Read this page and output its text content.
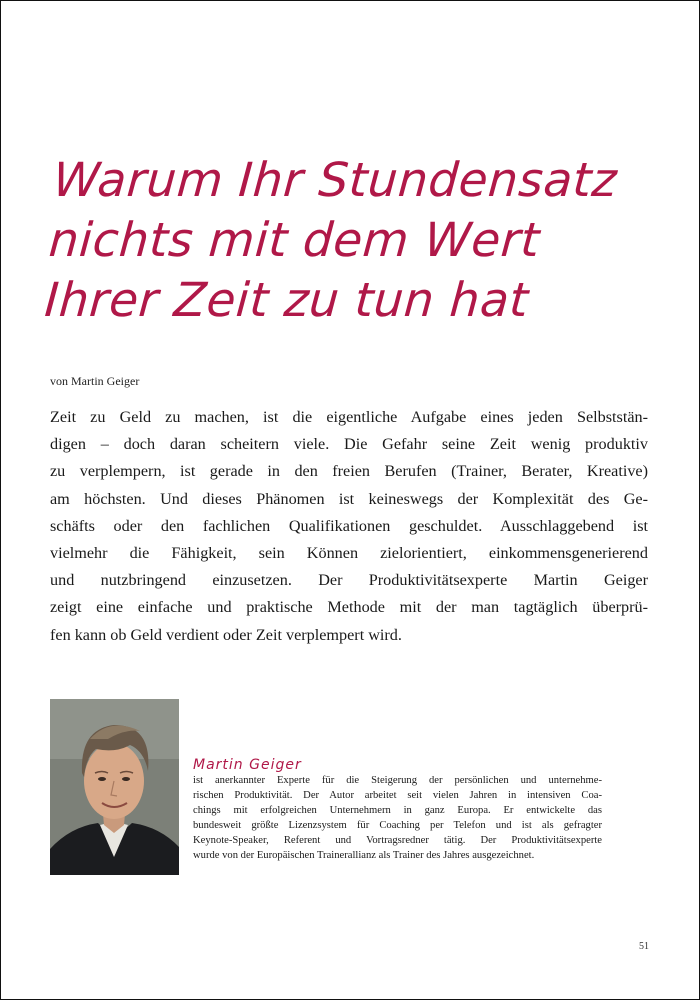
Warum Ihr Stundensatz
nichts mit dem Wert
Ihrer Zeit zu tun hat
von Martin Geiger
Zeit zu Geld zu machen, ist die eigentliche Aufgabe eines jeden Selbststän-
digen – doch daran scheitern viele. Die Gefahr seine Zeit wenig produktiv
zu verplempern, ist gerade in den freien Berufen (Trainer, Berater, Kreative)
am höchsten. Und dieses Phänomen ist keineswegs der Komplexität des Ge-
schäfts oder den fachlichen Qualifikationen geschuldet. Ausschlaggebend ist
vielmehr die Fähigkeit, sein Können zielorientiert, einkommensgenerierend
und nutzbringend einzusetzen. Der Produktivitätsexperte Martin Geiger
zeigt eine einfache und praktische Methode mit der man tagtäglich überprü-
fen kann ob Geld verdient oder Zeit verplempert wird.
Martin Geiger
ist anerkannter Experte für die Steigerung der persönlichen und unternehme-
rischen Produktivität. Der Autor arbeitet seit vielen Jahren in intensiven Coa-
chings mit erfolgreichen Unternehmern in ganz Europa. Er entwickelte das
bundesweit größte Lizenzsystem für Coaching per Telefon und ist als gefragter
Keynote-Speaker, Referent und Vortragsredner tätig. Der Produktivitätsexperte
wurde von der Europäischen Trainerallianz als Trainer des Jahres ausgezeichnet.
51
